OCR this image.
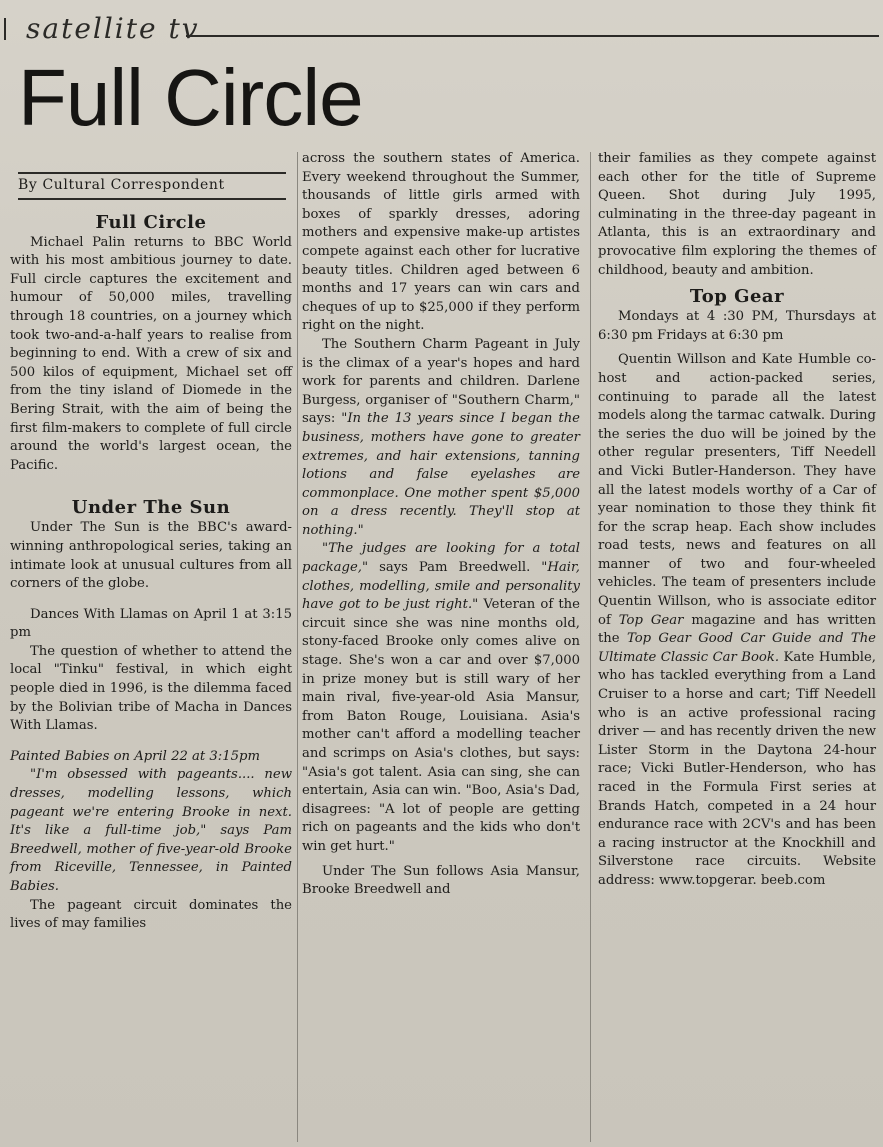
satellite tv
Full Circle
By Cultural Correspondent
Full Circle

Michael Palin returns to BBC World with his most ambitious journey to date. Full circle captures the excitement and humour of 50,000 miles, travelling through 18 countries, on a journey which took two-and-a-half years to realise from beginning to end. With a crew of six and 500 kilos of equipment, Michael set off from the tiny island of Diomede in the Bering Strait, with the aim of being the first film-makers to complete of full circle around the world's largest ocean, the Pacific.

Under The Sun

Under The Sun is the BBC's award-winning anthropological series, taking an intimate look at unusual cultures from all corners of the globe.

Dances With Llamas on April 1 at 3:15 pm

The question of whether to attend the local "Tinku" festival, in which eight people died in 1996, is the dilemma faced by the Bolivian tribe of Macha in Dances With Llamas.

Painted Babies on April 22 at 3:15pm

"I'm obsessed with pageants.... new dresses, modelling lessons, which pageant we're entering Brooke in next. It's like a full-time job," says Pam Breedwell, mother of five-year-old Brooke from Riceville, Tennessee, in Painted Babies.

The pageant circuit dominates the lives of may families

across the southern states of America. Every weekend throughout the Summer, thousands of little girls armed with boxes of sparkly dresses, adoring mothers and expensive make-up artistes compete against each other for lucrative beauty titles. Children aged between 6 months and 17 years can win cars and cheques of up to $25,000 if they perform right on the night.

The Southern Charm Pageant in July is the climax of a year's hopes and hard work for parents and children. Darlene Burgess, organiser of "Southern Charm," says: "In the 13 years since I began the business, mothers have gone to greater extremes, and hair extensions, tanning lotions and false eyelashes are commonplace. One mother spent $5,000 on a dress recently. They'll stop at nothing."

"The judges are looking for a total package," says Pam Breedwell. "Hair, clothes, modelling, smile and personality have got to be just right." Veteran of the circuit since she was nine months old, stony-faced Brooke only comes alive on stage. She's won a car and over $7,000 in prize money but is still wary of her main rival, five-year-old Asia Mansur, from Baton Rouge, Louisiana. Asia's mother can't afford a modelling teacher and scrimps on Asia's clothes, but says: "Asia's got talent. Asia can sing, she can entertain, Asia can win. "Boo, Asia's Dad, disagrees: "A lot of people are getting rich on pageants and the kids who don't win get hurt."

Under The Sun follows Asia Mansur, Brooke Breedwell and

their families as they compete against each other for the title of Supreme Queen. Shot during July 1995, culminating in the three-day pageant in Atlanta, this is an extraordinary and provocative film exploring the themes of childhood, beauty and ambition.

Top Gear

Mondays at 4 :30 PM, Thursdays at 6:30 pm Fridays at 6:30 pm

Quentin Willson and Kate Humble co-host and action-packed series, continuing to parade all the latest models along the tarmac catwalk. During the series the duo will be joined by the other regular presenters, Tiff Needell and Vicki Butler-Handerson. They have all the latest models worthy of a Car of year nomination to those they think fit for the scrap heap. Each show includes road tests, news and features on all manner of two and four-wheeled vehicles. The team of presenters include Quentin Willson, who is associate editor of Top Gear magazine and has written the Top Gear Good Car Guide and The Ultimate Classic Car Book. Kate Humble, who has tackled everything from a Land Cruiser to a horse and cart; Tiff Needell who is an active professional racing driver — and has recently driven the new Lister Storm in the Daytona 24-hour race; Vicki Butler-Henderson, who has raced in the Formula First series at Brands Hatch, competed in a 24 hour endurance race with 2CV's and has been a racing instructor at the Knockhill and Silverstone race circuits. Website address: www.topgerar. beeb.com
